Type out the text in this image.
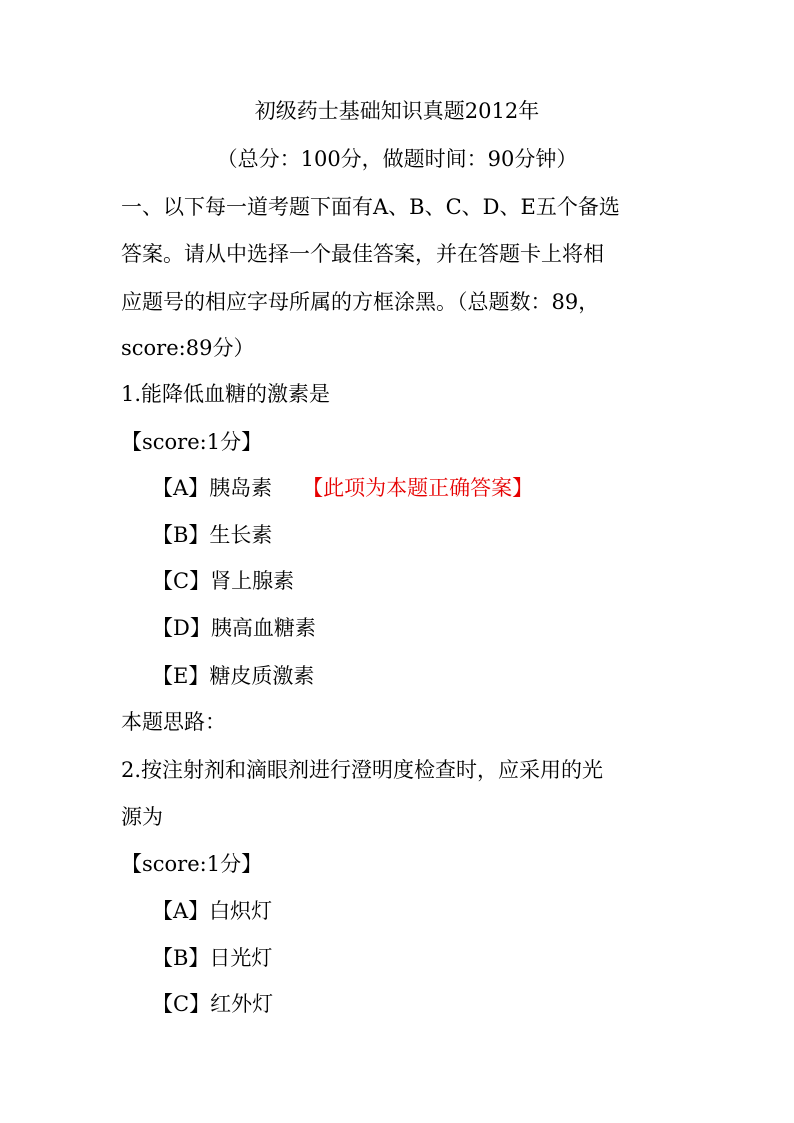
初级药士基础知识真题2012年
（总分：100分，做题时间：90分钟）
一、以下每一道考题下面有A、B、C、D、E五个备选
答案。请从中选择一个最佳答案，并在答题卡上将相
应题号的相应字母所属的方框涂黑。（总题数：89，
score:89分）
1.能降低血糖的激素是
【score:1分】
【A】胰岛素 【此项为本题正确答案】
【B】生长素
【C】肾上腺素
【D】胰高血糖素
【E】糖皮质激素
本题思路：
2.按注射剂和滴眼剂进行澄明度检查时，应采用的光
源为
【score:1分】
【A】白炽灯
【B】日光灯
【C】红外灯
